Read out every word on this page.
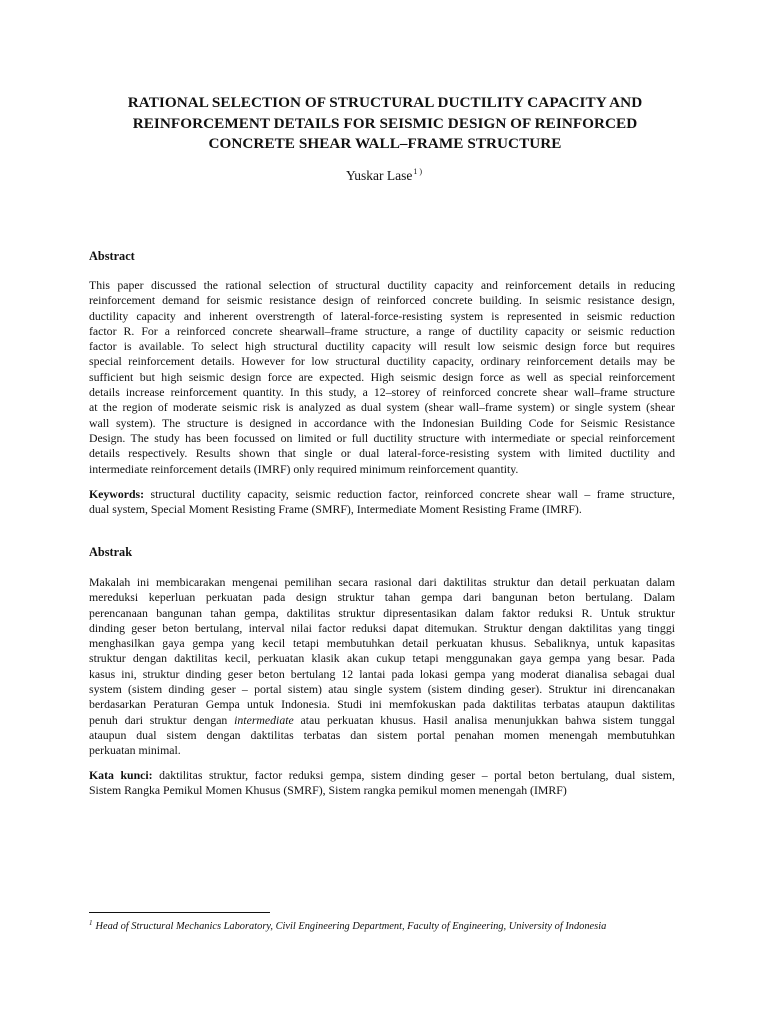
RATIONAL SELECTION OF STRUCTURAL DUCTILITY CAPACITY AND
REINFORCEMENT DETAILS FOR SEISMIC DESIGN OF REINFORCED
CONCRETE SHEAR WALL–FRAME STRUCTURE
Yuskar Lase$^{1 )}$
Abstract

This paper discussed the rational selection of structural ductility capacity and reinforcement details in reducing
reinforcement demand for seismic resistance design of reinforced concrete building. In seismic resistance design,
ductility capacity and inherent overstrength of lateral-force-resisting system is represented in seismic reduction
factor R. For a reinforced concrete shearwall–frame structure, a range of ductility capacity or seismic reduction
factor is available. To select high structural ductility capacity will result low seismic design force but requires
special reinforcement details. However for low structural ductility capacity, ordinary reinforcement details may be
sufficient but high seismic design force are expected. High seismic design force as well as special reinforcement
details increase reinforcement quantity. In this study, a 12–storey of reinforced concrete shear wall–frame structure
at the region of moderate seismic risk is analyzed as dual system (shear wall–frame system) or single system (shear
wall system). The structure is designed in accordance with the Indonesian Building Code for Seismic Resistance
Design. The study has been focussed on limited or full ductility structure with intermediate or special reinforcement
details respectively. Results shown that single or dual lateral-force-resisting system with limited ductility and
intermediate reinforcement details (IMRF) only required minimum reinforcement quantity.

Keywords: structural ductility capacity, seismic reduction factor, reinforced concrete shear wall – frame structure,
dual system, Special Moment Resisting Frame (SMRF), Intermediate Moment Resisting Frame (IMRF).

Abstrak

Makalah ini membicarakan mengenai pemilihan secara rasional dari daktilitas struktur dan detail perkuatan dalam
mereduksi keperluan perkuatan pada design struktur tahan gempa dari bangunan beton bertulang. Dalam
perencanaan bangunan tahan gempa, daktilitas struktur dipresentasikan dalam faktor reduksi R. Untuk struktur
dinding geser beton bertulang, interval nilai factor reduksi dapat ditemukan. Struktur dengan daktilitas yang tinggi
menghasilkan gaya gempa yang kecil tetapi membutuhkan detail perkuatan khusus. Sebaliknya, untuk kapasitas
struktur dengan daktilitas kecil, perkuatan klasik akan cukup tetapi menggunakan gaya gempa yang besar. Pada
kasus ini, struktur dinding geser beton bertulang 12 lantai pada lokasi gempa yang moderat dianalisa sebagai dual
system (sistem dinding geser – portal sistem) atau single system (sistem dinding geser). Struktur ini direncanakan
berdasarkan Peraturan Gempa untuk Indonesia. Studi ini memfokuskan pada daktilitas terbatas ataupun daktilitas
penuh dari struktur dengan intermediate atau perkuatan khusus. Hasil analisa menunjukkan bahwa sistem tunggal
ataupun dual sistem dengan daktilitas terbatas dan sistem portal penahan momen menengah membutuhkan
perkuatan minimal.

Kata kunci: daktilitas struktur, factor reduksi gempa, sistem dinding geser – portal beton bertulang, dual sistem,
Sistem Rangka Pemikul Momen Khusus (SMRF), Sistem rangka pemikul momen menengah (IMRF)

$^1$ Head of Structural Mechanics Laboratory, Civil Engineering Department, Faculty of Engineering, University of Indonesia
